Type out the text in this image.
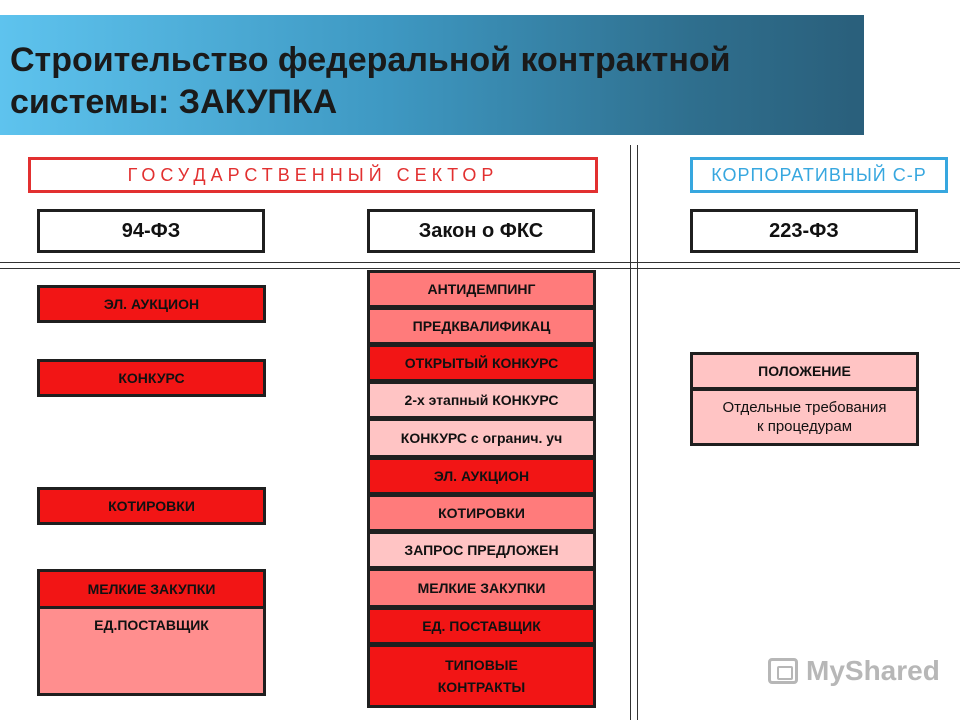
Строительство федеральной контрактной
системы: ЗАКУПКА
ГОСУДАРСТВЕННЫЙ СЕКТОР	КОРПОРАТИВНЫЙ С-Р
94-ФЗ	Закон о ФКС	223-ФЗ
ЭЛ. АУКЦИОН
КОНКУРС
КОТИРОВКИ
МЕЛКИЕ ЗАКУПКИ
ЕД.ПОСТАВЩИК
АНТИДЕМПИНГ
ПРЕДКВАЛИФИКАЦ
ОТКРЫТЫЙ КОНКУРС
2-х этапный КОНКУРС
КОНКУРС с огранич. уч
ЭЛ. АУКЦИОН
КОТИРОВКИ
ЗАПРОС ПРЕДЛОЖЕН
МЕЛКИЕ ЗАКУПКИ
ЕД. ПОСТАВЩИК
ТИПОВЫЕ
КОНТРАКТЫ
ПОЛОЖЕНИЕ
Отдельные требования
к процедурам
MyShared
